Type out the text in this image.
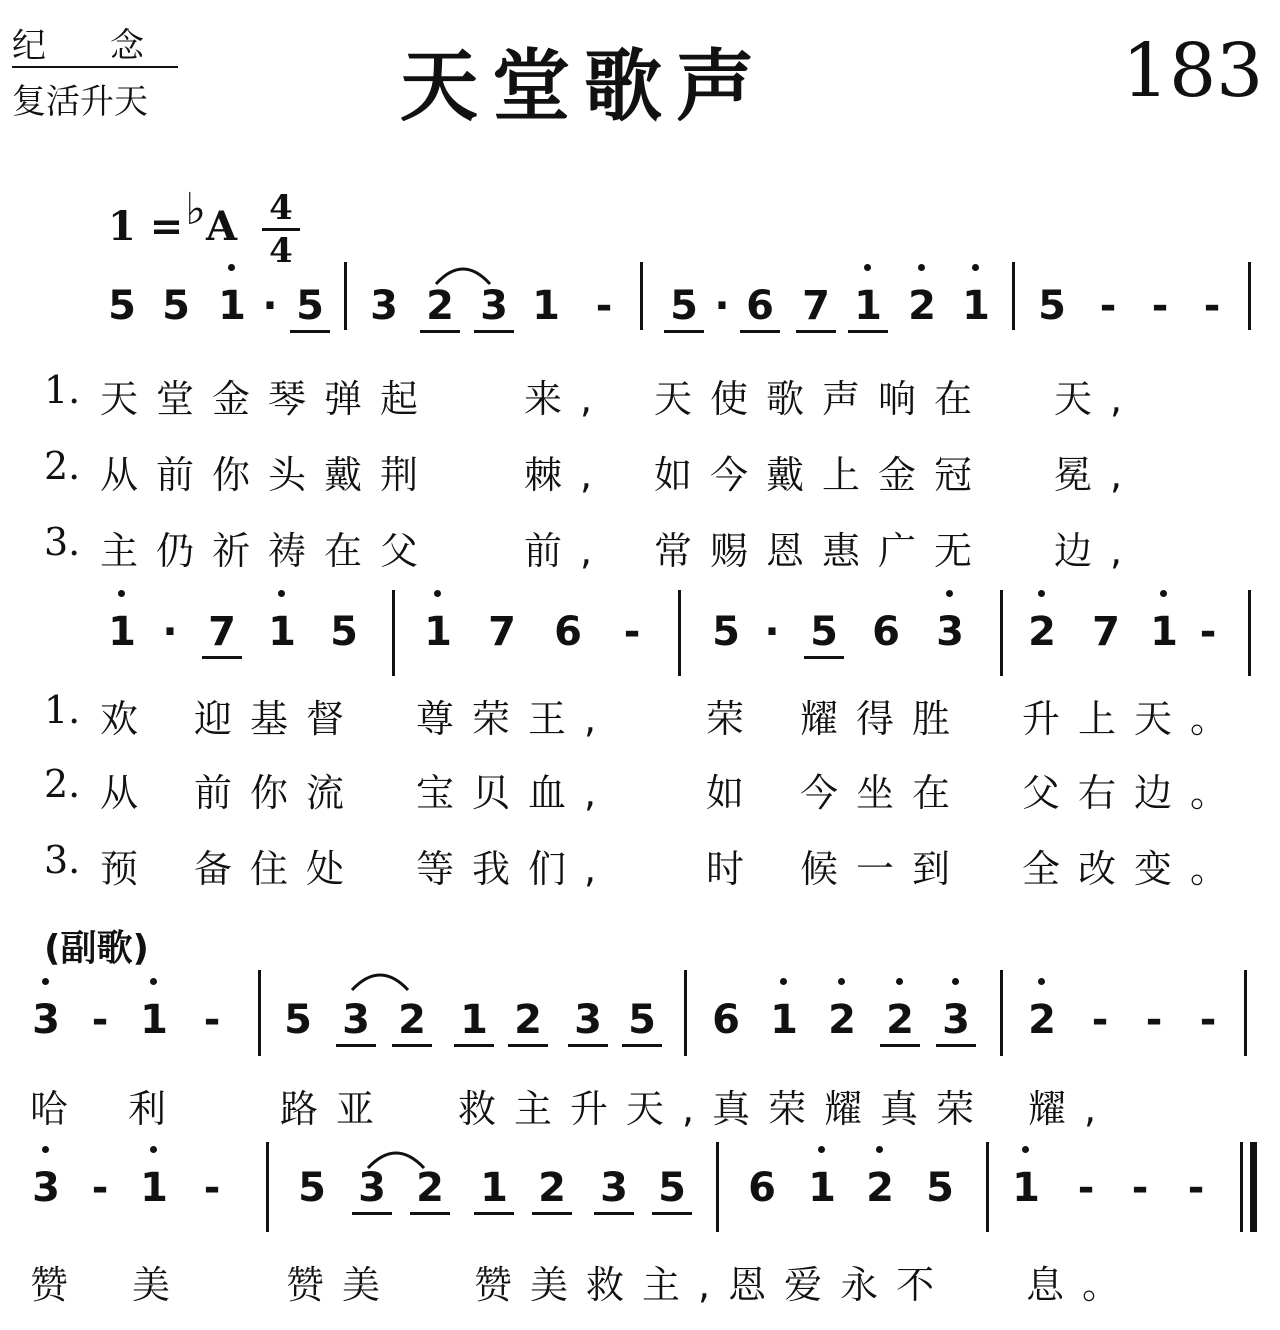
纪 念
复活升天	天堂歌声	183
1 =♭A 4
4
(副歌)
5 5 1 · 5 3 2 3 1 - 5 · 6 7 1 2 1 5 - - -
1 · 7 1 5 1 7 6 - 5 · 5 6 3 2 7 1 -
3 - 1 - 5 3 2 1 2 3 5 6 1 2 2 3 2 - - -
3 - 1 - 5 3 2 1 2 3 5 6 1 2 5 1 - - -
1. 天堂金琴弹起 来, 天使歌声响在 天,
2. 从前你头戴荆 棘, 如今戴上金冠 冕,
3. 主仍祈祷在父 前, 常赐恩惠广无 边,
1. 欢 迎基督 尊荣王, 荣 耀得胜 升上天。
2. 从 前你流 宝贝血, 如 今坐在 父右边。
3. 预 备住处 等我们, 时 候一到 全改变。
哈 利	路亚 救主升天,真荣耀真荣 耀,
赞 美	赞美 赞美救主,恩爱永不 息。
